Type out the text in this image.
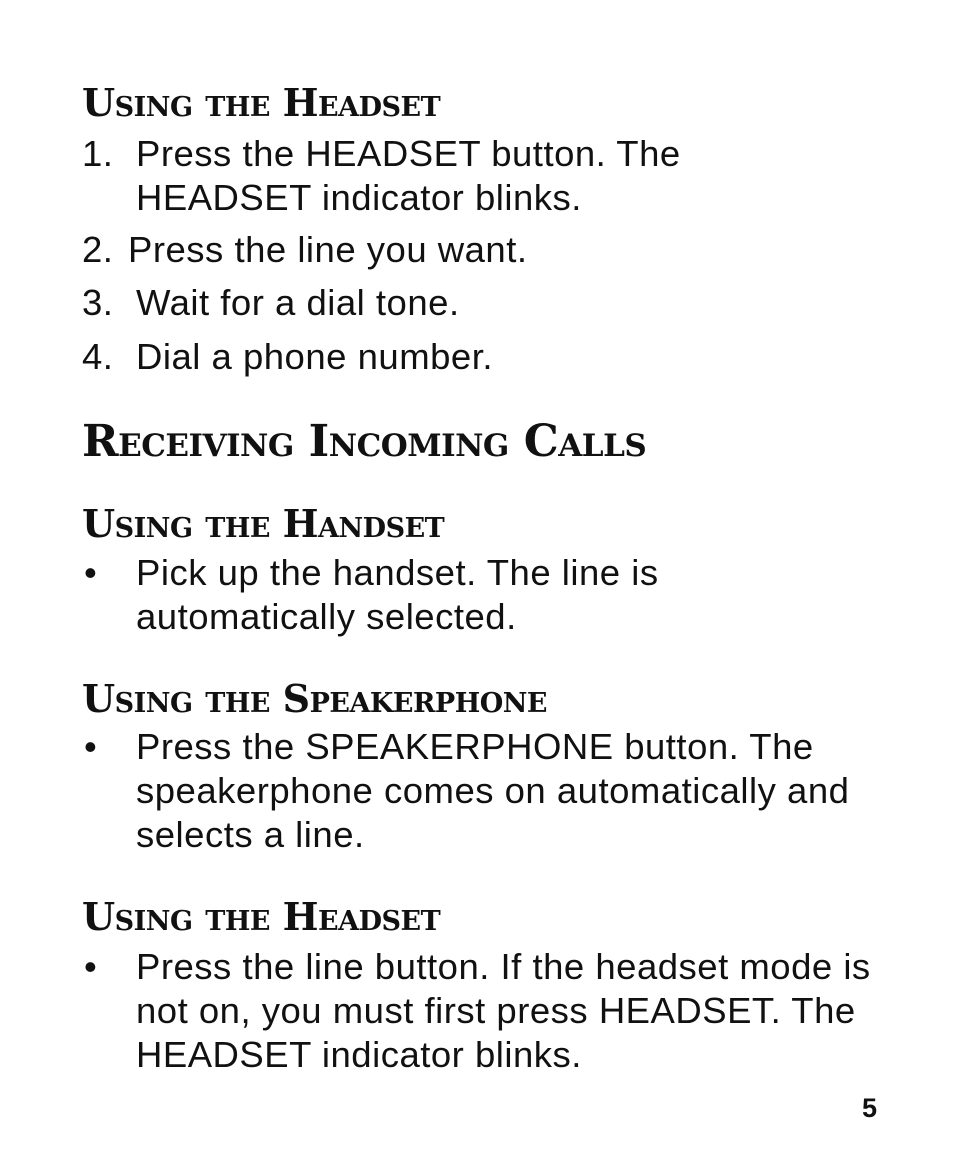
Using the Headset

1. Press the HEADSET button. The HEADSET indicator blinks.

2. Press the line you want.

3. Wait for a dial tone.

4. Dial a phone number.

Receiving Incoming Calls
Using the Handset

• Pick up the handset. The line is automatically selected.

Using the Speakerphone

• Press the SPEAKERPHONE button. The speakerphone comes on automatically and selects a line.

Using the Headset

• Press the line button. If the headset mode is not on, you must first press HEADSET. The HEADSET indicator blinks.

5
